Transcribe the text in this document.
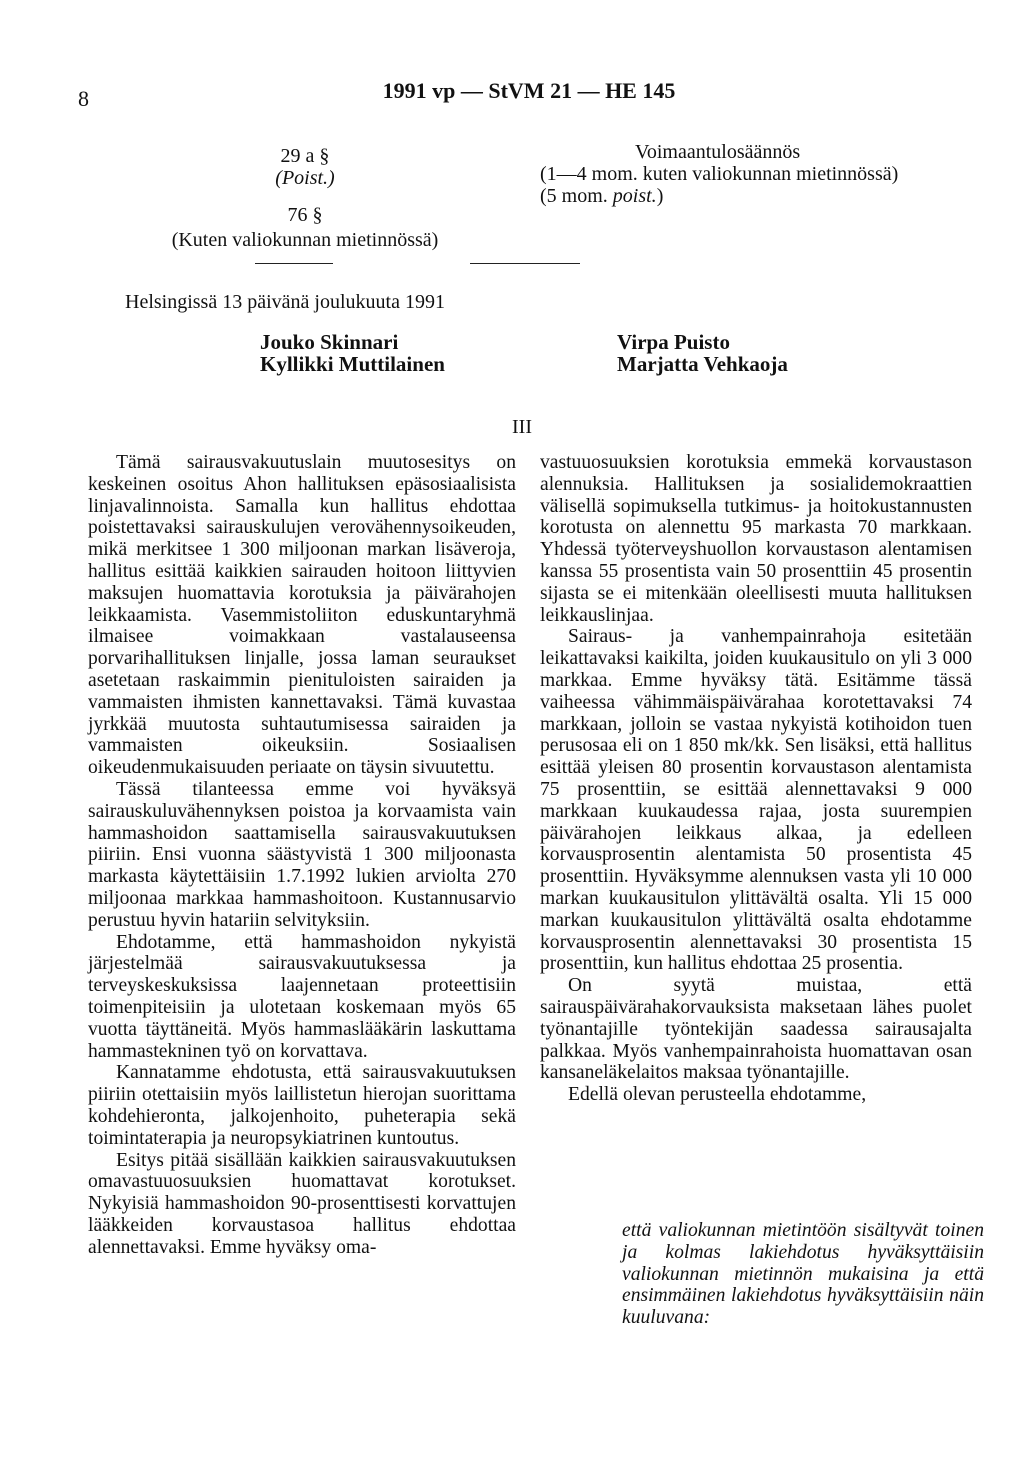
8	1991 vp — StVM 21 — HE 145
29 a §
(Poist.)
76 §
(Kuten valiokunnan mietinnössä)
Voimaantulosäännös
(1—4 mom. kuten valiokunnan mietinnössä)
(5 mom. poist.)
Helsingissä 13 päivänä joulukuuta 1991
Jouko Skinnari
Kyllikki Muttilainen
Virpa Puisto
Marjatta Vehkaoja
III

Tämä sairausvakuutuslain muutosesitys on keskeinen osoitus Ahon hallituksen epäsosiaalisista linjavalinnoista. Samalla kun hallitus ehdottaa poistettavaksi sairauskulujen verovähennysoikeuden, mikä merkitsee 1 300 miljoonan markan lisäveroja, hallitus esittää kaikkien sairauden hoitoon liittyvien maksujen huomattavia korotuksia ja päivärahojen leikkaamista. Vasemmistoliiton eduskuntaryhmä ilmaisee voimakkaan vastalauseensa porvarihallituksen linjalle, jossa laman seuraukset asetetaan raskaimmin pienituloisten sairaiden ja vammaisten ihmisten kannettavaksi. Tämä kuvastaa jyrkkää muutosta suhtautumisessa sairaiden ja vammaisten oikeuksiin. Sosiaalisen oikeudenmukaisuuden periaate on täysin sivuutettu.

Tässä tilanteessa emme voi hyväksyä sairauskuluvähennyksen poistoa ja korvaamista vain hammashoidon saattamisella sairausvakuutuksen piiriin. Ensi vuonna säästyvistä 1 300 miljoonasta markasta käytettäisiin 1.7.1992 lukien arviolta 270 miljoonaa markkaa hammashoitoon. Kustannusarvio perustuu hyvin hatariin selvityksiin.

Ehdotamme, että hammashoidon nykyistä järjestelmää sairausvakuutuksessa ja terveyskeskuksissa laajennetaan proteettisiin toimenpiteisiin ja ulotetaan koskemaan myös 65 vuotta täyttäneitä. Myös hammaslääkärin laskuttama hammastekninen työ on korvattava.

Kannatamme ehdotusta, että sairausvakuutuksen piiriin otettaisiin myös laillistetun hierojan suorittama kohdehieronta, jalkojenhoito, puheterapia sekä toimintaterapia ja neuropsykiatrinen kuntoutus.

Esitys pitää sisällään kaikkien sairausvakuutuksen omavastuuosuuksien huomattavat korotukset. Nykyisiä hammashoidon 90-prosenttisesti korvattujen lääkkeiden korvaustasoa hallitus ehdottaa alennettavaksi. Emme hyväksy oma-

vastuuosuuksien korotuksia emmekä korvaustason alennuksia. Hallituksen ja sosialidemokraattien välisellä sopimuksella tutkimus- ja hoitokustannusten korotusta on alennettu 95 markasta 70 markkaan. Yhdessä työterveyshuollon korvaustason alentamisen kanssa 55 prosentista vain 50 prosenttiin 45 prosentin sijasta se ei mitenkään oleellisesti muuta hallituksen leikkauslinjaa.

Sairaus- ja vanhempainrahoja esitetään leikattavaksi kaikilta, joiden kuukausitulo on yli 3 000 markkaa. Emme hyväksy tätä. Esitämme tässä vaiheessa vähimmäispäivärahaa korotettavaksi 74 markkaan, jolloin se vastaa nykyistä kotihoidon tuen perusosaa eli on 1 850 mk/kk. Sen lisäksi, että hallitus esittää yleisen 80 prosentin korvaustason alentamista 75 prosenttiin, se esittää alennettavaksi 9 000 markkaan kuukaudessa rajaa, josta suurempien päivärahojen leikkaus alkaa, ja edelleen korvausprosentin alentamista 50 prosentista 45 prosenttiin. Hyväksymme alennuksen vasta yli 10 000 markan kuukausitulon ylittävältä osalta. Yli 15 000 markan kuukausitulon ylittävältä osalta ehdotamme korvausprosentin alennettavaksi 30 prosentista 15 prosenttiin, kun hallitus ehdottaa 25 prosentia.

On syytä muistaa, että sairauspäivärahakorvauksista maksetaan lähes puolet työnantajille työntekijän saadessa sairausajalta palkkaa. Myös vanhempainrahoista huomattavan osan kansaneläkelaitos maksaa työnantajille.

Edellä olevan perusteella ehdotamme,

että valiokunnan mietintöön sisältyvät toinen ja kolmas lakiehdotus hyväksyttäisiin valiokunnan mietinnön mukaisina ja että ensimmäinen lakiehdotus hyväksyttäisiin näin kuuluvana:
